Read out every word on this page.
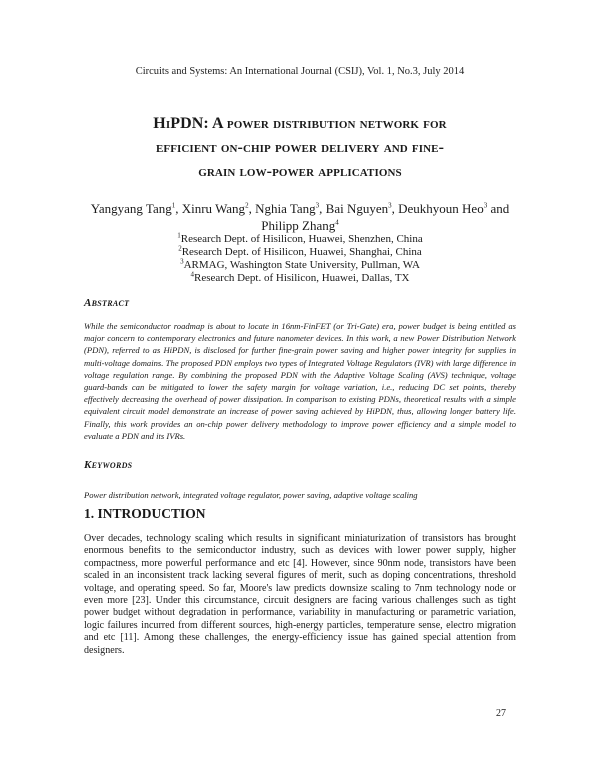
Circuits and Systems: An International Journal (CSIJ), Vol. 1, No.3, July 2014
HiPDN: A power distribution network for
efficient on-chip power delivery and fine-
grain low-power applications
Yangyang Tang$^1$, Xinru Wang$^2$, Nghia Tang$^3$, Bai Nguyen$^3$, Deukhyoun Heo$^3$ and Philipp Zhang$^4$
$^1$Research Dept. of Hisilicon, Huawei, Shenzhen, China
$^2$Research Dept. of Hisilicon, Huawei, Shanghai, China
$^3$ARMAG, Washington State University, Pullman, WA
$^4$Research Dept. of Hisilicon, Huawei, Dallas, TX
Abstract
While the semiconductor roadmap is about to locate in 16nm-FinFET (or Tri-Gate) era, power budget is being entitled as major concern to contemporary electronics and future nanometer devices. In this work, a new Power Distribution Network (PDN), referred to as HiPDN, is disclosed for further fine-grain power saving and higher power integrity for supplies in multi-voltage domains. The proposed PDN employs two types of Integrated Voltage Regulators (IVR) with large difference in voltage regulation range. By combining the proposed PDN with the Adaptive Voltage Scaling (AVS) technique, voltage guard-bands can be mitigated to lower the safety margin for voltage variation, i.e., reducing DC set points, thereby effectively decreasing the overhead of power dissipation. In comparison to existing PDNs, theoretical results with a simple equivalent circuit model demonstrate an increase of power saving achieved by HiPDN, thus, allowing longer battery life. Finally, this work provides an on-chip power delivery methodology to improve power efficiency and a simple model to evaluate a PDN and its IVRs.
Keywords
Power distribution network, integrated voltage regulator, power saving, adaptive voltage scaling
1. INTRODUCTION
Over decades, technology scaling which results in significant miniaturization of transistors has brought enormous benefits to the semiconductor industry, such as devices with lower power supply, higher compactness, more powerful performance and etc [4]. However, since 90nm node, transistors have been scaled in an inconsistent track lacking several figures of merit, such as doping concentrations, threshold voltage, and operating speed. So far, Moore's law predicts downsize scaling to 7nm technology node or even more [23]. Under this circumstance, circuit designers are facing various challenges such as tight power budget without degradation in performance, variability in manufacturing or parametric variation, logic failures incurred from different sources, high-energy particles, temperature sense, electro migration and etc [11]. Among these challenges, the energy-efficiency issue has gained special attention from designers.
27
